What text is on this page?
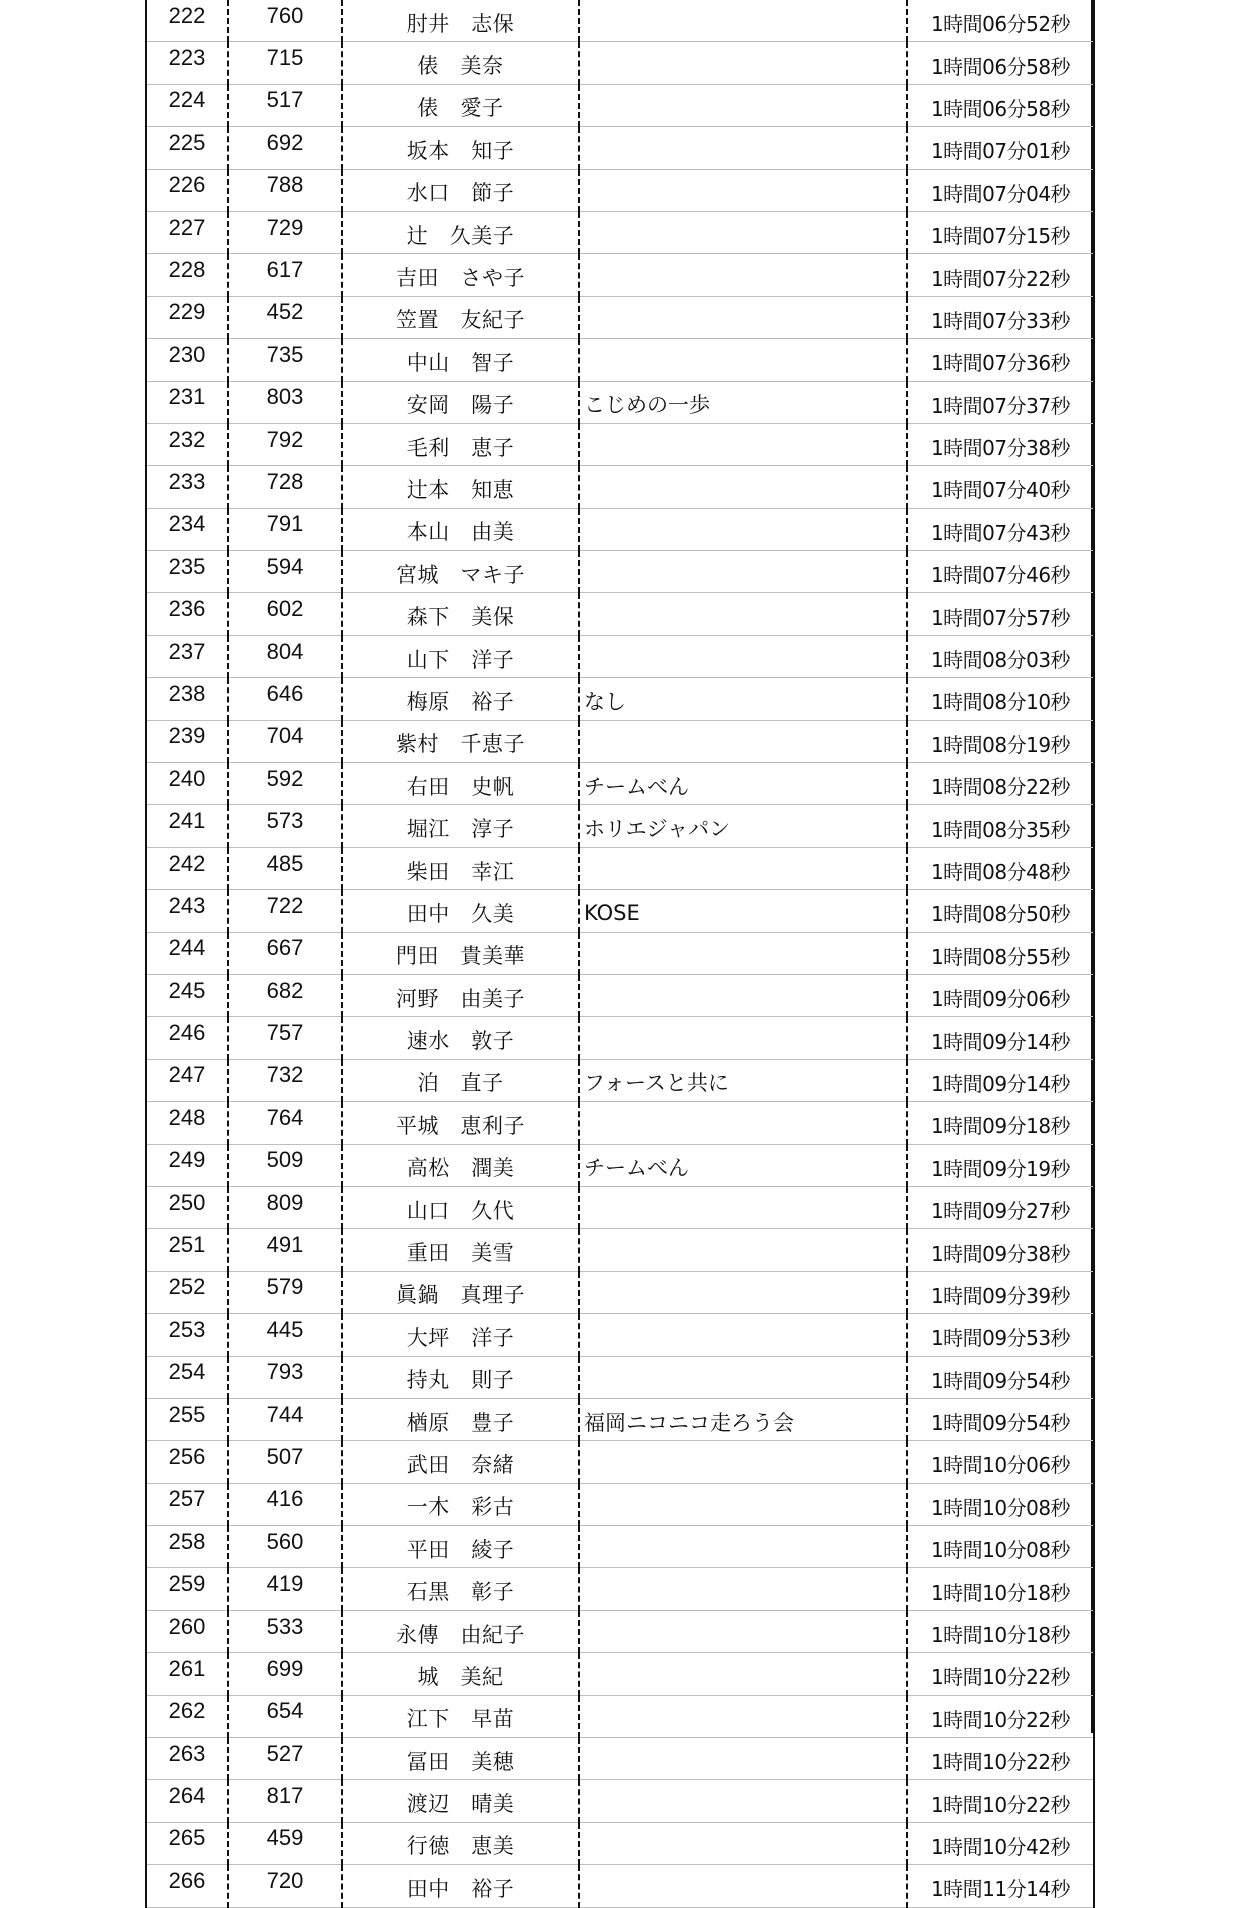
222	760	肘井　志保		1時間06分52秒
223	715	俵　美奈		1時間06分58秒
224	517	俵　愛子		1時間06分58秒
225	692	坂本　知子		1時間07分01秒
226	788	水口　節子		1時間07分04秒
227	729	辻　久美子		1時間07分15秒
228	617	吉田　さや子		1時間07分22秒
229	452	笠置　友紀子		1時間07分33秒
230	735	中山　智子		1時間07分36秒
231	803	安岡　陽子	こじめの一歩	1時間07分37秒
232	792	毛利　恵子		1時間07分38秒
233	728	辻本　知恵		1時間07分40秒
234	791	本山　由美		1時間07分43秒
235	594	宮城　マキ子		1時間07分46秒
236	602	森下　美保		1時間07分57秒
237	804	山下　洋子		1時間08分03秒
238	646	梅原　裕子	なし	1時間08分10秒
239	704	紫村　千恵子		1時間08分19秒
240	592	右田　史帆	チームべん	1時間08分22秒
241	573	堀江　淳子	ホリエジャパン	1時間08分35秒
242	485	柴田　幸江		1時間08分48秒
243	722	田中　久美	KOSE	1時間08分50秒
244	667	門田　貴美華		1時間08分55秒
245	682	河野　由美子		1時間09分06秒
246	757	速水　敦子		1時間09分14秒
247	732	泊　直子	フォースと共に	1時間09分14秒
248	764	平城　恵利子		1時間09分18秒
249	509	高松　潤美	チームべん	1時間09分19秒
250	809	山口　久代		1時間09分27秒
251	491	重田　美雪		1時間09分38秒
252	579	眞鍋　真理子		1時間09分39秒
253	445	大坪　洋子		1時間09分53秒
254	793	持丸　則子		1時間09分54秒
255	744	楢原　豊子	福岡ニコニコ走ろう会	1時間09分54秒
256	507	武田　奈緒		1時間10分06秒
257	416	一木　彩古		1時間10分08秒
258	560	平田　綾子		1時間10分08秒
259	419	石黒　彰子		1時間10分18秒
260	533	永傳　由紀子		1時間10分18秒
261	699	城　美紀		1時間10分22秒
262	654	江下　早苗		1時間10分22秒
263	527	冨田　美穂		1時間10分22秒
264	817	渡辺　晴美		1時間10分22秒
265	459	行徳　恵美		1時間10分42秒
266	720	田中　裕子		1時間11分14秒
